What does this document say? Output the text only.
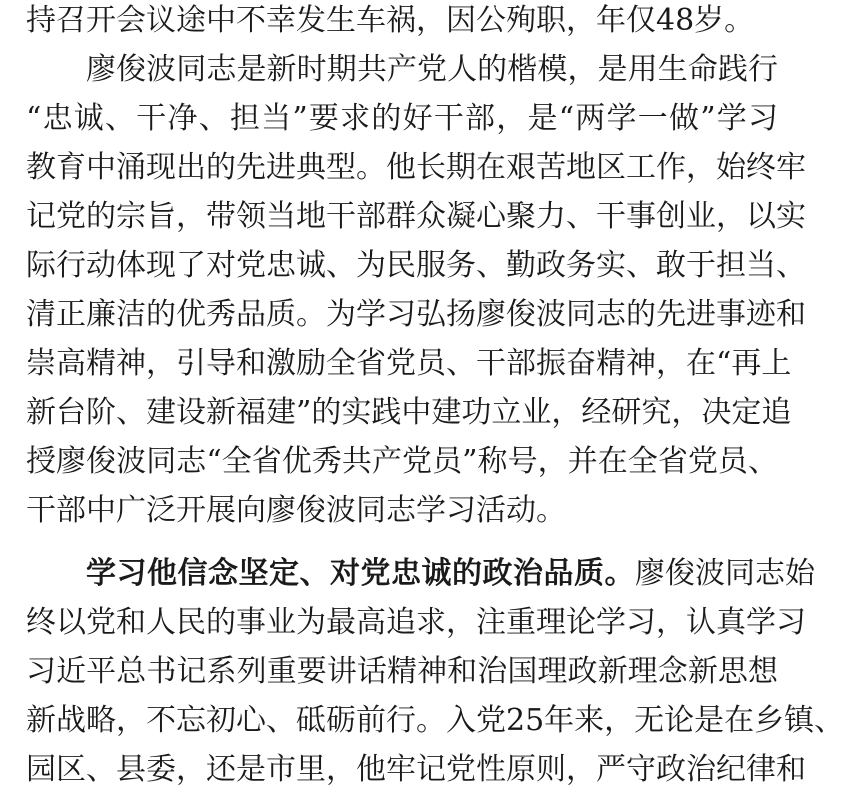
持召开会议途中不幸发生车祸，因公殉职，年仅48岁。
廖俊波同志是新时期共产党人的楷模，是用生命践行
“忠诚、干净、担当”要求的好干部，是“两学一做”学习
教育中涌现出的先进典型。他长期在艰苦地区工作，始终牢
记党的宗旨，带领当地干部群众凝心聚力、干事创业，以实
际行动体现了对党忠诚、为民服务、勤政务实、敢于担当、
清正廉洁的优秀品质。为学习弘扬廖俊波同志的先进事迹和
崇高精神，引导和激励全省党员、干部振奋精神，在“再上
新台阶、建设新福建”的实践中建功立业，经研究，决定追
授廖俊波同志“全省优秀共产党员”称号，并在全省党员、
干部中广泛开展向廖俊波同志学习活动。
学习他信念坚定、对党忠诚的政治品质。廖俊波同志始
终以党和人民的事业为最高追求，注重理论学习，认真学习
习近平总书记系列重要讲话精神和治国理政新理念新思想
新战略，不忘初心、砥砺前行。入党25年来，无论是在乡镇、
园区、县委，还是市里，他牢记党性原则，严守政治纪律和
